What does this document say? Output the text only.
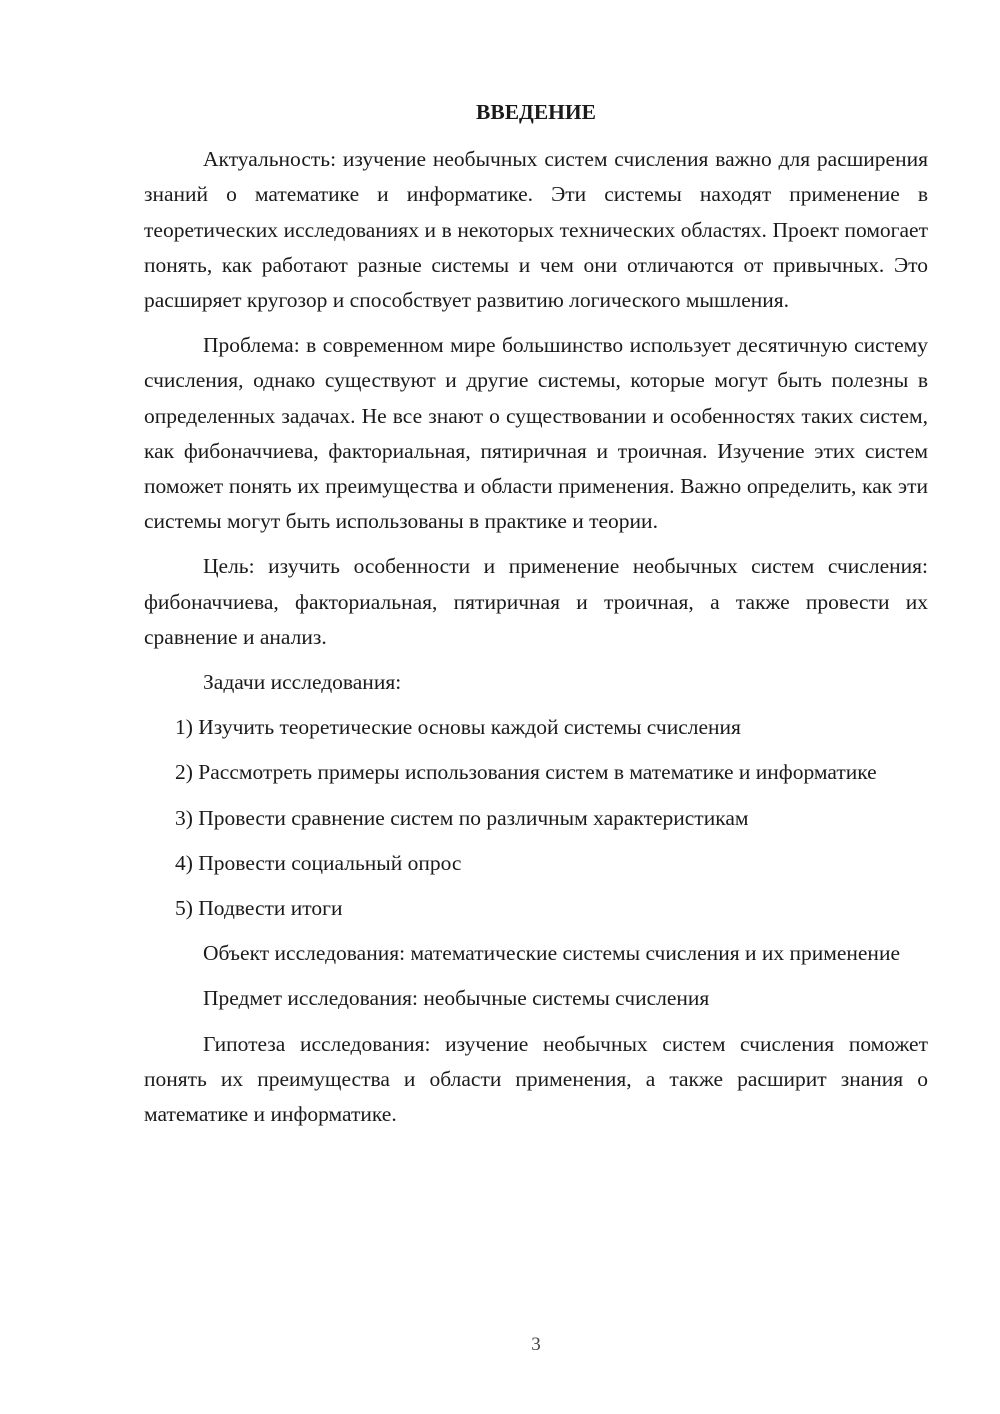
ВВЕДЕНИЕ

Актуальность: изучение необычных систем счисления важно для расширения знаний о математике и информатике. Эти системы находят применение в теоретических исследованиях и в некоторых технических областях. Проект помогает понять, как работают разные системы и чем они отличаются от привычных. Это расширяет кругозор и способствует развитию логического мышления.

Проблема: в современном мире большинство использует десятичную систему счисления, однако существуют и другие системы, которые могут быть полезны в определенных задачах. Не все знают о существовании и особенностях таких систем, как фибоначчиева, факториальная, пятиричная и троичная. Изучение этих систем поможет понять их преимущества и области применения. Важно определить, как эти системы могут быть использованы в практике и теории.

Цель: изучить особенности и применение необычных систем счисления: фибоначчиева, факториальная, пятиричная и троичная, а также провести их сравнение и анализ.

Задачи исследования:

1) Изучить теоретические основы каждой системы счисления

2) Рассмотреть примеры использования систем в математике и информатике

3) Провести сравнение систем по различным характеристикам

4) Провести социальный опрос

5) Подвести итоги

Объект исследования: математические системы счисления и их применение

Предмет исследования: необычные системы счисления

Гипотеза исследования: изучение необычных систем счисления поможет понять их преимущества и области применения, а также расширит знания о математике и информатике.

3
